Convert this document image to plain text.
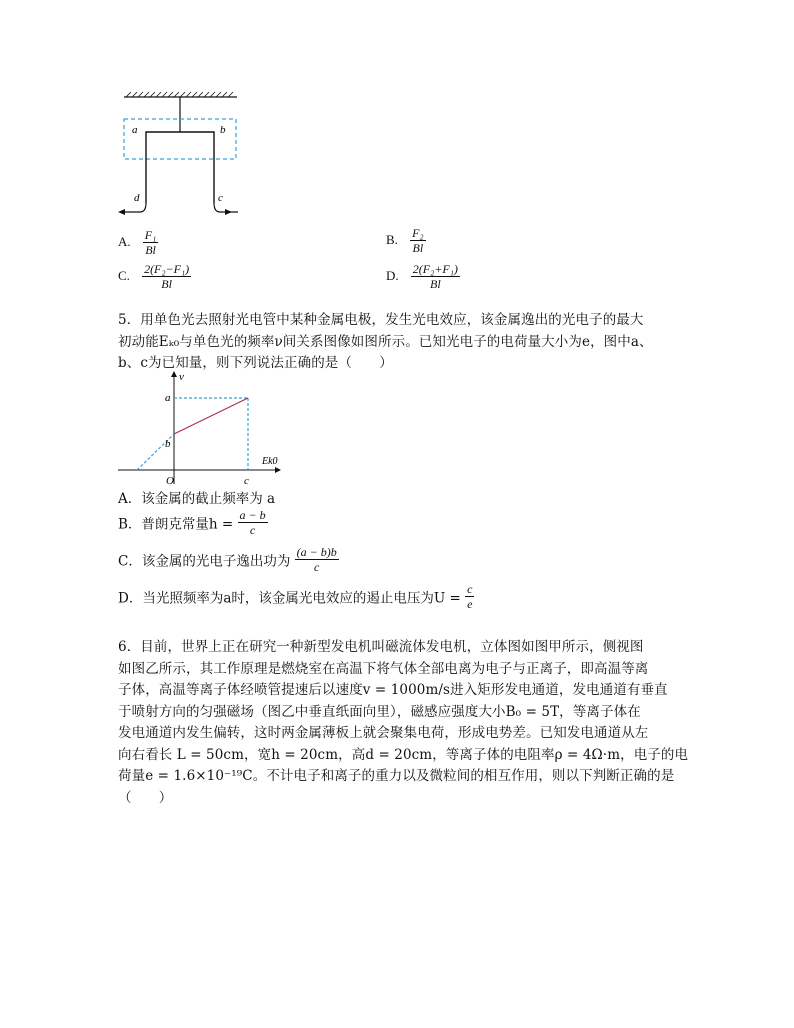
a	b
d	c
A. $\frac{\text{F₁}}{Bl}$	B. $\frac{\text{F₂}}{Bl}$
C. $\frac{\text{2(F₂−F₁)}}{Bl}$	D. $\frac{\text{2(F₂+F₁)}}{Bl}$
5．用单色光去照射光电管中某种金属电极，发生光电效应，该金属逸出的光电子的最大
初动能Eₖ₀与单色光的频率ν间关系图像如图所示。已知光电子的电荷量大小为e，图中a、
b、c为已知量，则下列说法正确的是（　　）
ν
Ek0
O
a
b
c
A．该金属的截止频率为 a
B．普朗克常量$h = \frac{a - b}{c}$
C．该金属的光电子逸出功为 $\frac{(a - b)b}{c}$
D．当光照频率为a时，该金属光电效应的遏止电压为$U = \frac{c}{e}$
6．目前，世界上正在研究一种新型发电机叫磁流体发电机，立体图如图甲所示，侧视图
如图乙所示，其工作原理是燃烧室在高温下将气体全部电离为电子与正离子，即高温等离
子体，高温等离子体经喷管提速后以速度v = 1000m/s进入矩形发电通道，发电通道有垂直
于喷射方向的匀强磁场（图乙中垂直纸面向里），磁感应强度大小B₀ = 5T，等离子体在
发电通道内发生偏转，这时两金属薄板上就会聚集电荷，形成电势差。已知发电通道从左
向右看长 L = 50cm，宽h = 20cm，高d = 20cm，等离子体的电阻率ρ = 4Ω·m，电子的电
荷量e = 1.6×10⁻¹⁹C。不计电子和离子的重力以及微粒间的相互作用，则以下判断正确的是
（　　）
